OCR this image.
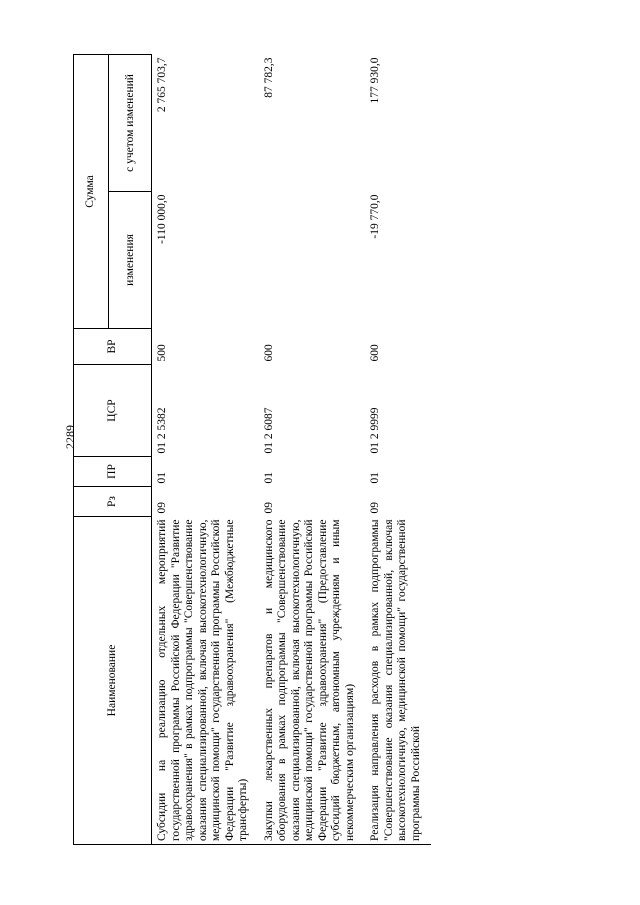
2289
Наименование	Рз	ПР	ЦСР	ВР	Сумма	
					изменения	с учетом изменений
Субсидии на реализацию отдельных мероприятий государственной программы Российской Федерации "Развитие здравоохранения" в рамках подпрограммы "Совершенствование оказания специализированной, включая высокотехнологичную, медицинской помощи" государственной программы Российской Федерации "Развитие здравоохранения" (Межбюджетные трансферты)	09	01	01 2 5382	500	-110 000,0	2 765 703,7
Закупки лекарственных препаратов и медицинского оборудования в рамках подпрограммы "Совершенствование оказания специализированной, включая высокотехнологичную, медицинской помощи" государственной программы Российской Федерации "Развитие здравоохранения" (Предоставление субсидий бюджетным, автономным учреждениям и иным некоммерческим организациям)	09	01	01 2 6087	600		87 782,3
Реализация направления расходов в рамках подпрограммы "Совершенствование оказания специализированной, включая высокотехнологичную, медицинской помощи" государственной программы Российской	09	01	01 2 9999	600	-19 770,0	177 930,0
